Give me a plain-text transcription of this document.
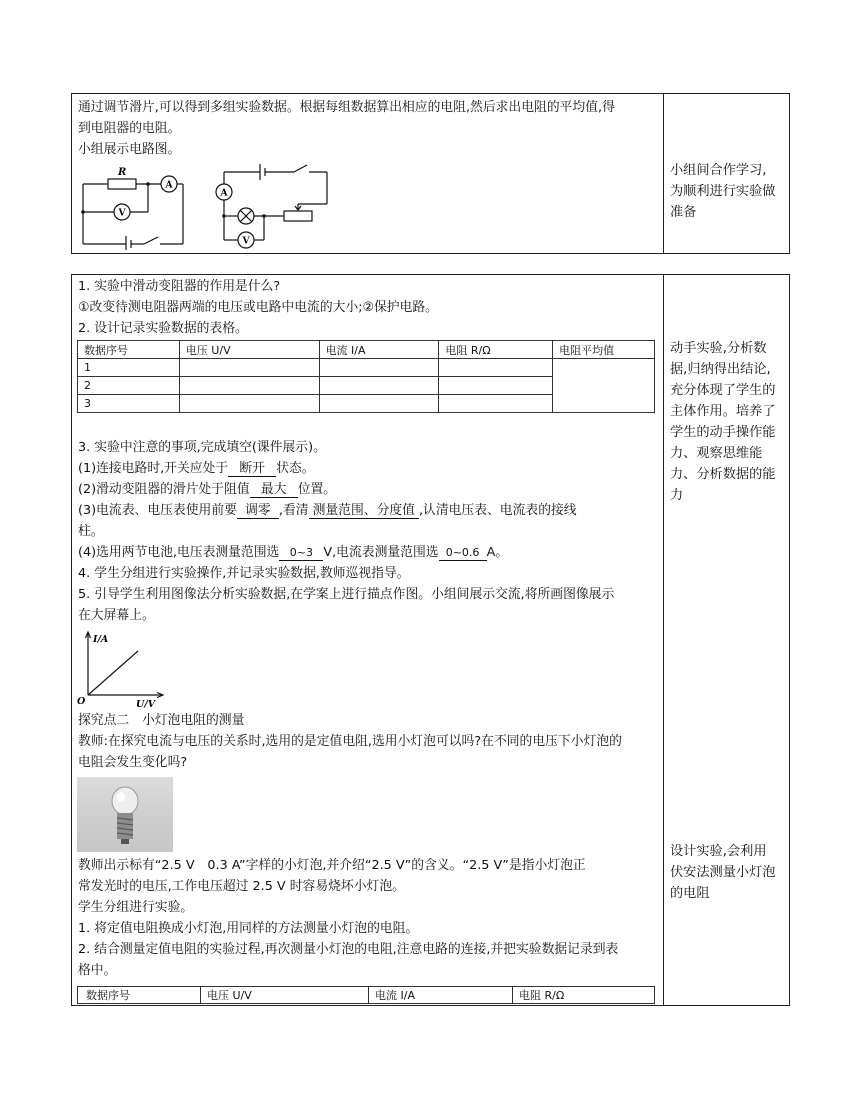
通过调节滑片,可以得到多组实验数据。根据每组数据算出相应的电阻,然后求出电阻的平均值,得
到电阻器的电阻。
小组展示电路图。
R
A
V
A
V
小组间合作学习,
为顺利进行实验做
准备
1. 实验中滑动变阻器的作用是什么?
①改变待测电阻器两端的电压或电路中电流的大小;②保护电路。
2. 设计记录实验数据的表格。
数据序号	电压 U/V	电流 I/A	电阻 R/Ω	电阻平均值
1				
2				
3				
3. 实验中注意的事项,完成填空(课件展示)。
(1)连接电路时,开关应处于 断开 状态。
(2)滑动变阻器的滑片处于阻值 最大 位置。
(3)电流表、电压表使用前要 调零 ,看清 测量范围、分度值 ,认清电压表、电流表的接线
柱。
(4)选用两节电池,电压表测量范围选 0~3 V,电流表测量范围选 0~0.6 A。
4. 学生分组进行实验操作,并记录实验数据,教师巡视指导。
5. 引导学生利用图像法分析实验数据,在学案上进行描点作图。小组间展示交流,将所画图像展示
在大屏幕上。
I/A
U/V
O
探究点二　小灯泡电阻的测量
教师:在探究电流与电压的关系时,选用的是定值电阻,选用小灯泡可以吗?在不同的电压下小灯泡的
电阻会发生变化吗?
教师出示标有“2.5 V　0.3 A”字样的小灯泡,并介绍“2.5 V”的含义。“2.5 V”是指小灯泡正
常发光时的电压,工作电压超过 2.5 V 时容易烧坏小灯泡。
学生分组进行实验。
1. 将定值电阻换成小灯泡,用同样的方法测量小灯泡的电阻。
2. 结合测量定值电阻的实验过程,再次测量小灯泡的电阻,注意电路的连接,并把实验数据记录到表
格中。
数据序号	电压 U/V	电流 I/A	电阻 R/Ω
动手实验,分析数
据,归纳得出结论,
充分体现了学生的
主体作用。培养了
学生的动手操作能
力、观察思维能
力、分析数据的能
力
设计实验,会利用
伏安法测量小灯泡
的电阻
